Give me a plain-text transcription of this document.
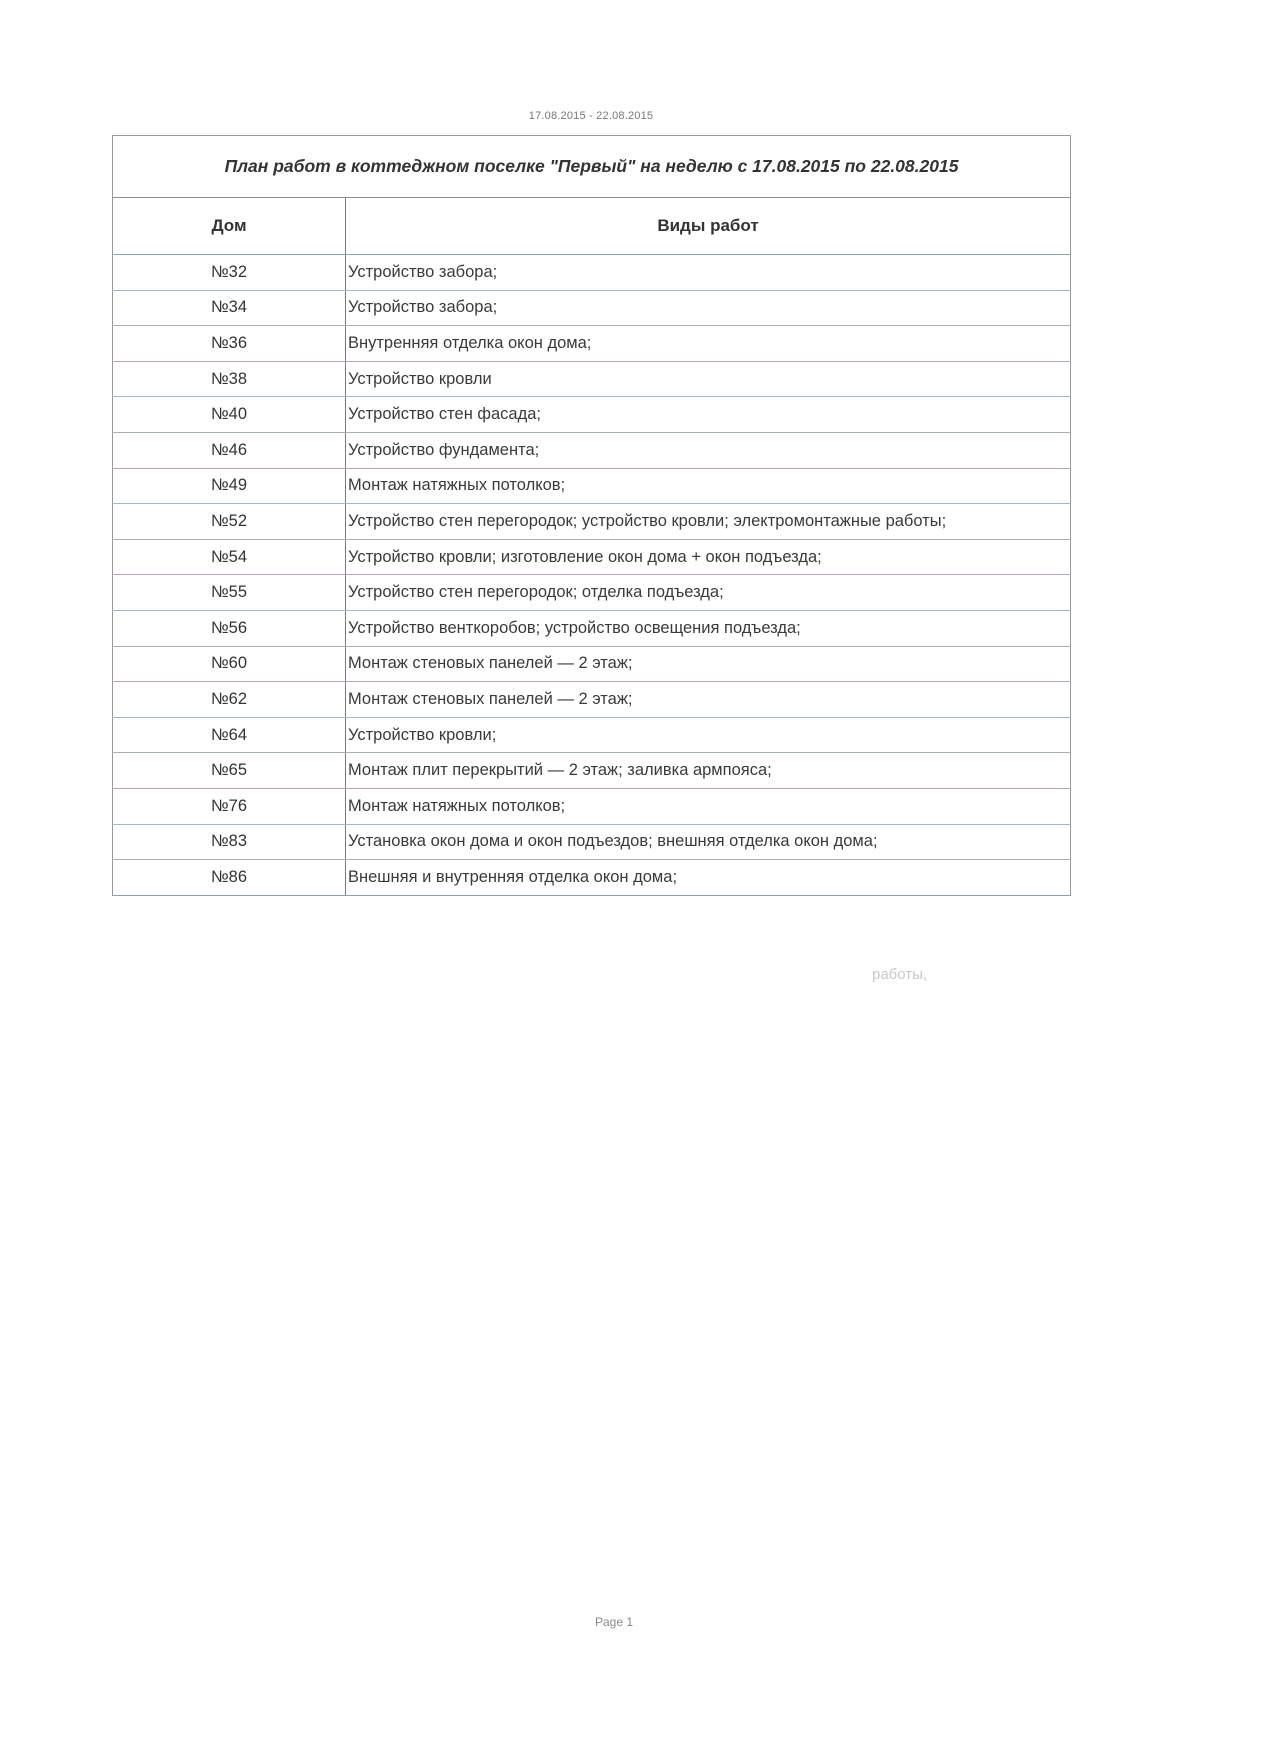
17.08.2015 - 22.08.2015
План работ в коттеджном поселке "Первый" на неделю с 17.08.2015 по 22.08.2015	
Дом	Виды работ
№32	Устройство забора;
№34	Устройство забора;
№36	Внутренняя отделка окон дома;
№38	Устройство кровли
№40	Устройство стен фасада;
№46	Устройство фундамента;
№49	Монтаж натяжных потолков;
№52	Устройство стен перегородок; устройство кровли; электромонтажные работы;
№54	Устройство кровли; изготовление окон дома + окон подъезда;
№55	Устройство стен перегородок; отделка подъезда;
№56	Устройство венткоробов; устройство освещения подъезда;
№60	Монтаж стеновых панелей — 2 этаж;
№62	Монтаж стеновых панелей — 2 этаж;
№64	Устройство кровли;
№65	Монтаж плит перекрытий — 2 этаж; заливка армпояса;
№76	Монтаж натяжных потолков;
№83	Установка окон дома и окон подъездов; внешняя отделка окон дома;
№86	Внешняя и внутренняя отделка окон дома;
работы,
Page 1
